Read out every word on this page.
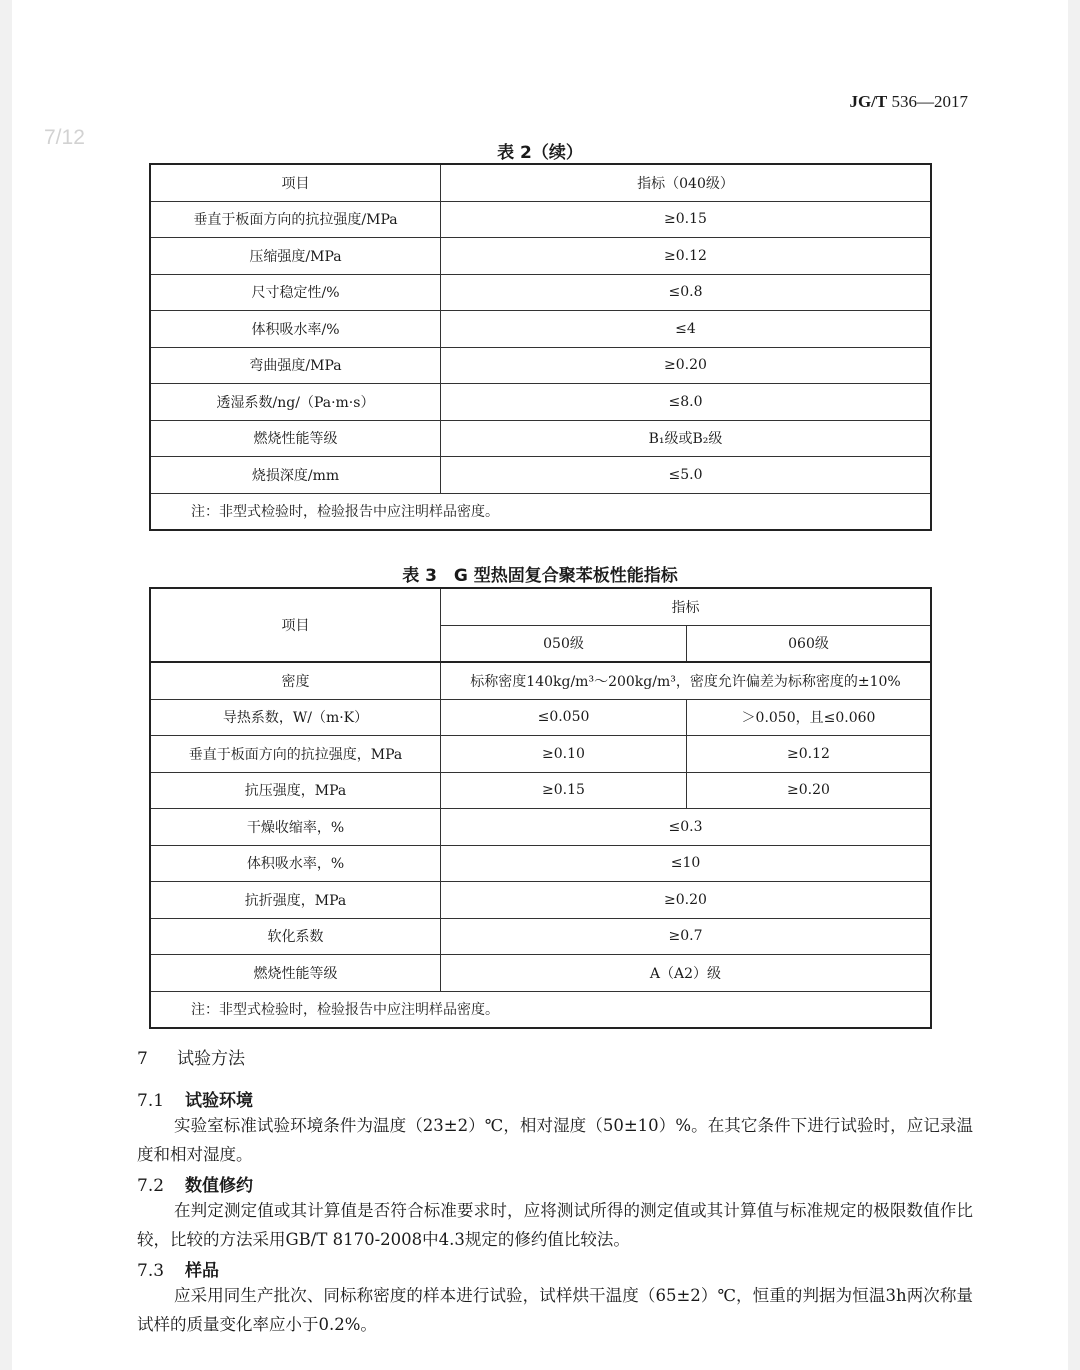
JG/T 536—2017
7/12
表 2（续）
项目	指标（040级）
垂直于板面方向的抗拉强度/MPa	≥0.15
压缩强度/MPa	≥0.12
尺寸稳定性/%	≤0.8
体积吸水率/%	≤4
弯曲强度/MPa	≥0.20
透湿系数/ng/（Pa·m·s）	≤8.0
燃烧性能等级	B₁级或B₂级
烧损深度/mm	≤5.0
注：非型式检验时，检验报告中应注明样品密度。	
表 3　G 型热固复合聚苯板性能指标
项目	指标	
	050级	060级
密度	标称密度140kg/m³～200kg/m³，密度允许偏差为标称密度的±10%	
导热系数，W/（m·K）	≤0.050	＞0.050，且≤0.060
垂直于板面方向的抗拉强度，MPa	≥0.10	≥0.12
抗压强度，MPa	≥0.15	≥0.20
干燥收缩率，%	≤0.3	
体积吸水率，%	≤10	
抗折强度，MPa	≥0.20	
软化系数	≥0.7	
燃烧性能等级	A（A2）级	
注：非型式检验时，检验报告中应注明样品密度。		
7 试验方法
7.1 试验环境
实验室标准试验环境条件为温度（23±2）℃，相对湿度（50±10）%。在其它条件下进行试验时，应记录温度和相对湿度。
7.2 数值修约
在判定测定值或其计算值是否符合标准要求时，应将测试所得的测定值或其计算值与标准规定的极限数值作比较，比较的方法采用GB/T 8170-2008中4.3规定的修约值比较法。
7.3 样品
应采用同生产批次、同标称密度的样本进行试验，试样烘干温度（65±2）℃，恒重的判据为恒温3h两次称量试样的质量变化率应小于0.2%。
